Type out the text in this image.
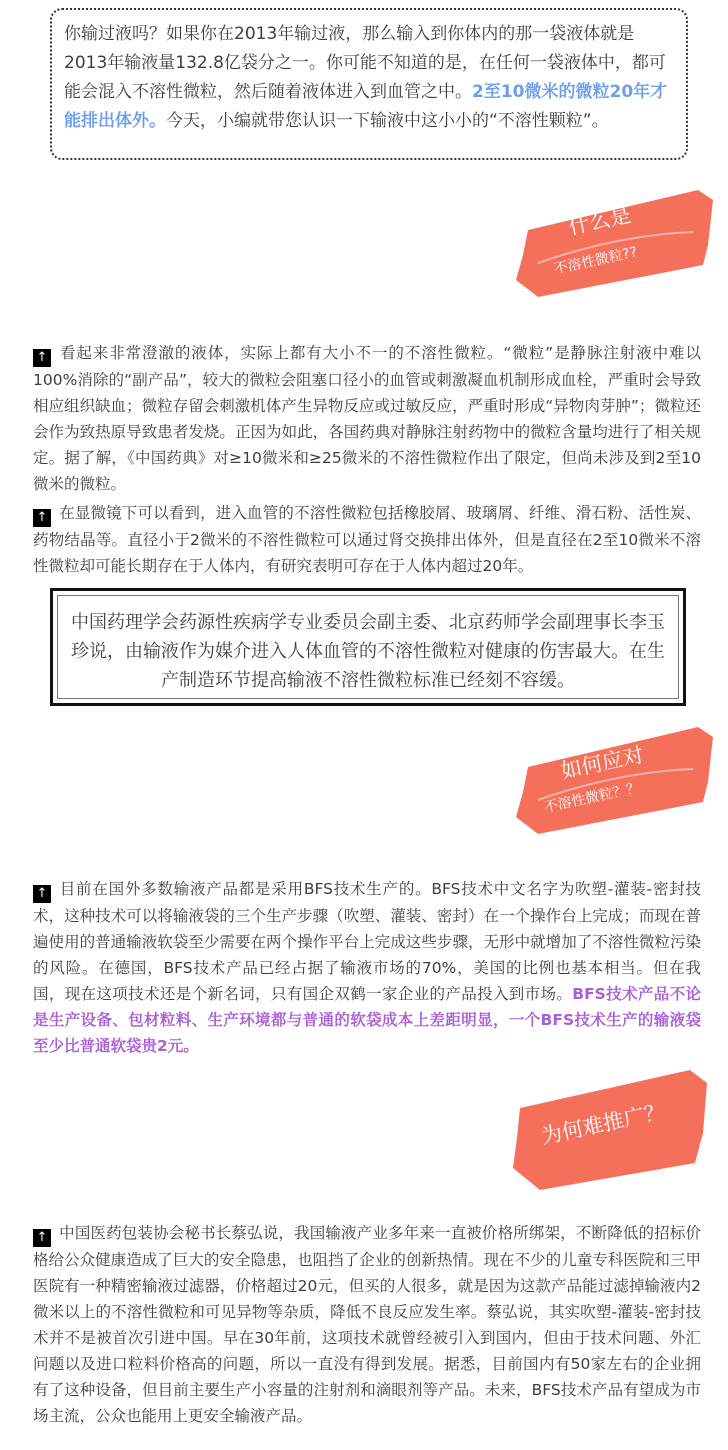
你输过液吗？如果你在2013年输过液，那么输入到你体内的那一袋液体就是2013年输液量132.8亿袋分之一。你可能不知道的是，在任何一袋液体中，都可能会混入不溶性微粒，然后随着液体进入到血管之中。2至10微米的微粒20年才能排出体外。今天，小编就带您认识一下输液中这小小的“不溶性颗粒”。
什么是
不溶性微粒??
↑ 看起来非常澄澈的液体，实际上都有大小不一的不溶性微粒。“微粒”是静脉注射液中难以100%消除的“副产品”，较大的微粒会阻塞口径小的血管或刺激凝血机制形成血栓，严重时会导致相应组织缺血；微粒存留会刺激机体产生异物反应或过敏反应，严重时形成“异物肉芽肿”；微粒还会作为致热原导致患者发烧。正因为如此，各国药典对静脉注射药物中的微粒含量均进行了相关规定。据了解，《中国药典》对≥10微米和≥25微米的不溶性微粒作出了限定，但尚未涉及到2至10微米的微粒。
↑ 在显微镜下可以看到，进入血管的不溶性微粒包括橡胶屑、玻璃屑、纤维、滑石粉、活性炭、药物结晶等。直径小于2微米的不溶性微粒可以通过肾交换排出体外，但是直径在2至10微米不溶性微粒却可能长期存在于人体内，有研究表明可存在于人体内超过20年。
中国药理学会药源性疾病学专业委员会副主委、北京药师学会副理事长李玉珍说，由输液作为媒介进入人体血管的不溶性微粒对健康的伤害最大。在生产制造环节提高输液不溶性微粒标准已经刻不容缓。
如何应对
不溶性微粒？？
↑ 目前在国外多数输液产品都是采用BFS技术生产的。BFS技术中文名字为吹塑-灌装-密封技术，这种技术可以将输液袋的三个生产步骤（吹塑、灌装、密封）在一个操作台上完成；而现在普遍使用的普通输液软袋至少需要在两个操作平台上完成这些步骤，无形中就增加了不溶性微粒污染的风险。在德国，BFS技术产品已经占据了输液市场的70%，美国的比例也基本相当。但在我国，现在这项技术还是个新名词，只有国企双鹤一家企业的产品投入到市场。BFS技术产品不论是生产设备、包材粒料、生产环境都与普通的软袋成本上差距明显，一个BFS技术生产的输液袋至少比普通软袋贵2元。
为何难推广？
↑ 中国医药包装协会秘书长蔡弘说，我国输液产业多年来一直被价格所绑架，不断降低的招标价格给公众健康造成了巨大的安全隐患，也阻挡了企业的创新热情。现在不少的儿童专科医院和三甲医院有一种精密输液过滤器，价格超过20元，但买的人很多，就是因为这款产品能过滤掉输液内2微米以上的不溶性微粒和可见异物等杂质，降低不良反应发生率。蔡弘说，其实吹塑-灌装-密封技术并不是被首次引进中国。早在30年前，这项技术就曾经被引入到国内，但由于技术问题、外汇问题以及进口粒料价格高的问题，所以一直没有得到发展。据悉，目前国内有50家左右的企业拥有了这种设备，但目前主要生产小容量的注射剂和滴眼剂等产品。未来，BFS技术产品有望成为市场主流，公众也能用上更安全输液产品。
